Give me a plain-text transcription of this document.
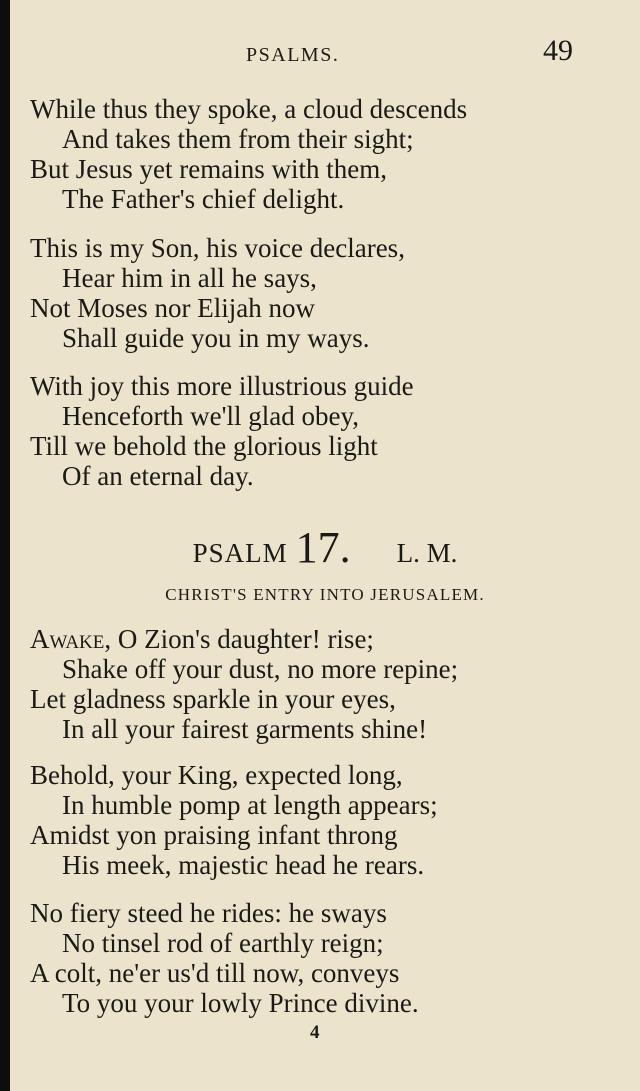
PSALMS.	49
While thus they spoke, a cloud descends
And takes them from their sight;
But Jesus yet remains with them,
The Father's chief delight.
This is my Son, his voice declares,
Hear him in all he says,
Not Moses nor Elijah now
Shall guide you in my ways.
With joy this more illustrious guide
Henceforth we'll glad obey,
Till we behold the glorious light
Of an eternal day.
PSALM 17. L. M.
CHRIST'S ENTRY INTO JERUSALEM.
Awake, O Zion's daughter! rise;
Shake off your dust, no more repine;
Let gladness sparkle in your eyes,
In all your fairest garments shine!
Behold, your King, expected long,
In humble pomp at length appears;
Amidst yon praising infant throng
His meek, majestic head he rears.
No fiery steed he rides: he sways
No tinsel rod of earthly reign;
A colt, ne'er us'd till now, conveys
To you your lowly Prince divine.
4
